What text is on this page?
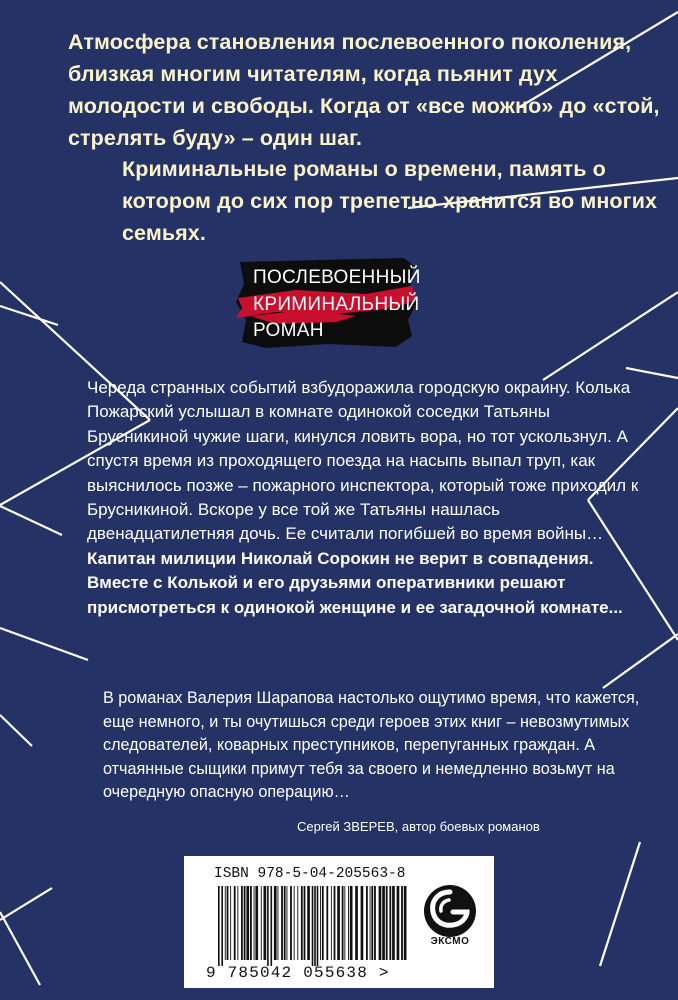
Атмосфера становления послевоенного поколения, близкая многим читателям, когда пьянит дух молодости и свободы. Когда от «все можно» до «стой, стрелять буду» – один шаг.

Криминальные романы о времени, память о котором до сих пор трепетно хранится во многих семьях.

ПОСЛЕВОЕННЫЙ
КРИМИНАЛЬНЫЙ
РОМАН

Череда странных событий взбудоражила городскую окраину. Колька Пожарский услышал в комнате одинокой соседки Татьяны Брусникиной чужие шаги, кинулся ловить вора, но тот ускользнул. А спустя время из проходящего поезда на насыпь выпал труп, как выяснилось позже – пожарного инспектора, который тоже приходил к Брусникиной. Вскоре у все той же Татьяны нашлась двенадцатилетняя дочь. Ее считали погибшей во время войны… Капитан милиции Николай Сорокин не верит в совпадения. Вместе с Колькой и его друзьями оперативники решают присмотреться к одинокой женщине и ее загадочной комнате...

В романах Валерия Шарапова настолько ощутимо время, что кажется, еще немного, и ты очутишься среди героев этих книг – невозмутимых следователей, коварных преступников, перепуганных граждан. А отчаянные сыщики примут тебя за своего и немедленно возьмут на очередную опасную операцию…

Сергей ЗВЕРЕВ, автор боевых романов

ISBN 978-5-04-205563-8

9 785042 055638 >

ЭКСМО
